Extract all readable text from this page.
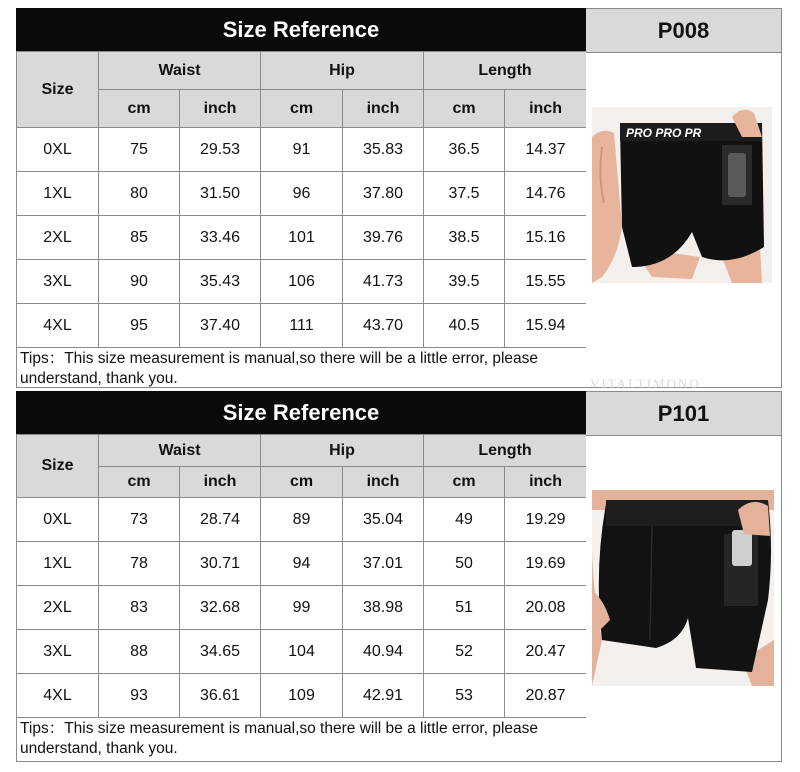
Size Reference
Size	Waist		Hip		Length	
	cm	inch	cm	inch	cm	inch
0XL	75	29.53	91	35.83	36.5	14.37
1XL	80	31.50	96	37.80	37.5	14.76
2XL	85	33.46	101	39.76	38.5	15.16
3XL	90	35.43	106	41.73	39.5	15.55
4XL	95	37.40	111	43.70	40.5	15.94
Tips：This size measurement is manual,so there will be a little error, please understand, thank you.
P008
PRO PRO PR
Size Reference
Size	Waist		Hip		Length	
	cm	inch	cm	inch	cm	inch
0XL	73	28.74	89	35.04	49	19.29
1XL	78	30.71	94	37.01	50	19.69
2XL	83	32.68	99	38.98	51	20.08
3XL	88	34.65	104	40.94	52	20.47
4XL	93	36.61	109	42.91	53	20.87
Tips：This size measurement is manual,so there will be a little error, please understand, thank you.
P101
VITALTIMONO
